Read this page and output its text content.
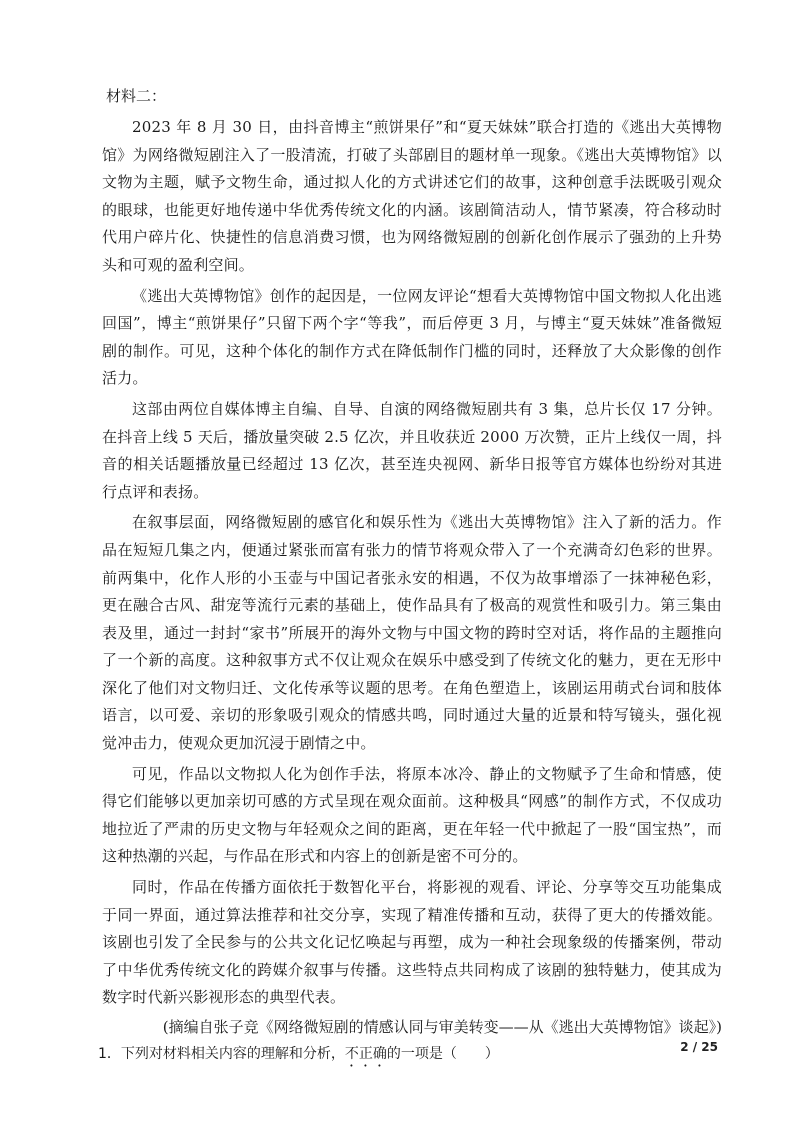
材料二：

2023 年 8 月 30 日，由抖音博主“煎饼果仔”和“夏天妹妹”联合打造的《逃出大英博物馆》为网络微短剧注入了一股清流，打破了头部剧目的题材单一现象。《逃出大英博物馆》以文物为主题，赋予文物生命，通过拟人化的方式讲述它们的故事，这种创意手法既吸引观众的眼球，也能更好地传递中华优秀传统文化的内涵。该剧简洁动人，情节紧凑，符合移动时代用户碎片化、快捷性的信息消费习惯，也为网络微短剧的创新化创作展示了强劲的上升势头和可观的盈利空间。

《逃出大英博物馆》创作的起因是，一位网友评论“想看大英博物馆中国文物拟人化出逃回国”，博主“煎饼果仔”只留下两个字“等我”，而后停更 3 月，与博主“夏天妹妹”准备微短剧的制作。可见，这种个体化的制作方式在降低制作门槛的同时，还释放了大众影像的创作活力。

这部由两位自媒体博主自编、自导、自演的网络微短剧共有 3 集，总片长仅 17 分钟。在抖音上线 5 天后，播放量突破 2.5 亿次，并且收获近 2000 万次赞，正片上线仅一周，抖音的相关话题播放量已经超过 13 亿次，甚至连央视网、新华日报等官方媒体也纷纷对其进行点评和表扬。

在叙事层面，网络微短剧的感官化和娱乐性为《逃出大英博物馆》注入了新的活力。作品在短短几集之内，便通过紧张而富有张力的情节将观众带入了一个充满奇幻色彩的世界。前两集中，化作人形的小玉壶与中国记者张永安的相遇，不仅为故事增添了一抹神秘色彩，更在融合古风、甜宠等流行元素的基础上，使作品具有了极高的观赏性和吸引力。第三集由表及里，通过一封封“家书”所展开的海外文物与中国文物的跨时空对话，将作品的主题推向了一个新的高度。这种叙事方式不仅让观众在娱乐中感受到了传统文化的魅力，更在无形中深化了他们对文物归迁、文化传承等议题的思考。在角色塑造上，该剧运用萌式台词和肢体语言，以可爱、亲切的形象吸引观众的情感共鸣，同时通过大量的近景和特写镜头，强化视觉冲击力，使观众更加沉浸于剧情之中。

可见，作品以文物拟人化为创作手法，将原本冰冷、静止的文物赋予了生命和情感，使得它们能够以更加亲切可感的方式呈现在观众面前。这种极具“网感”的制作方式，不仅成功地拉近了严肃的历史文物与年轻观众之间的距离，更在年轻一代中掀起了一股“国宝热”，而这种热潮的兴起，与作品在形式和内容上的创新是密不可分的。

同时，作品在传播方面依托于数智化平台，将影视的观看、评论、分享等交互功能集成于同一界面，通过算法推荐和社交分享，实现了精准传播和互动，获得了更大的传播效能。该剧也引发了全民参与的公共文化记忆唤起与再塑，成为一种社会现象级的传播案例，带动了中华优秀传统文化的跨媒介叙事与传播。这些特点共同构成了该剧的独特魅力，使其成为数字时代新兴影视形态的典型代表。

(摘编自张子竞《网络微短剧的情感认同与审美转变——从《逃出大英博物馆》谈起》)

1．下列对材料相关内容的理解和分析，不正确的一项是（　　）	2 / 25
